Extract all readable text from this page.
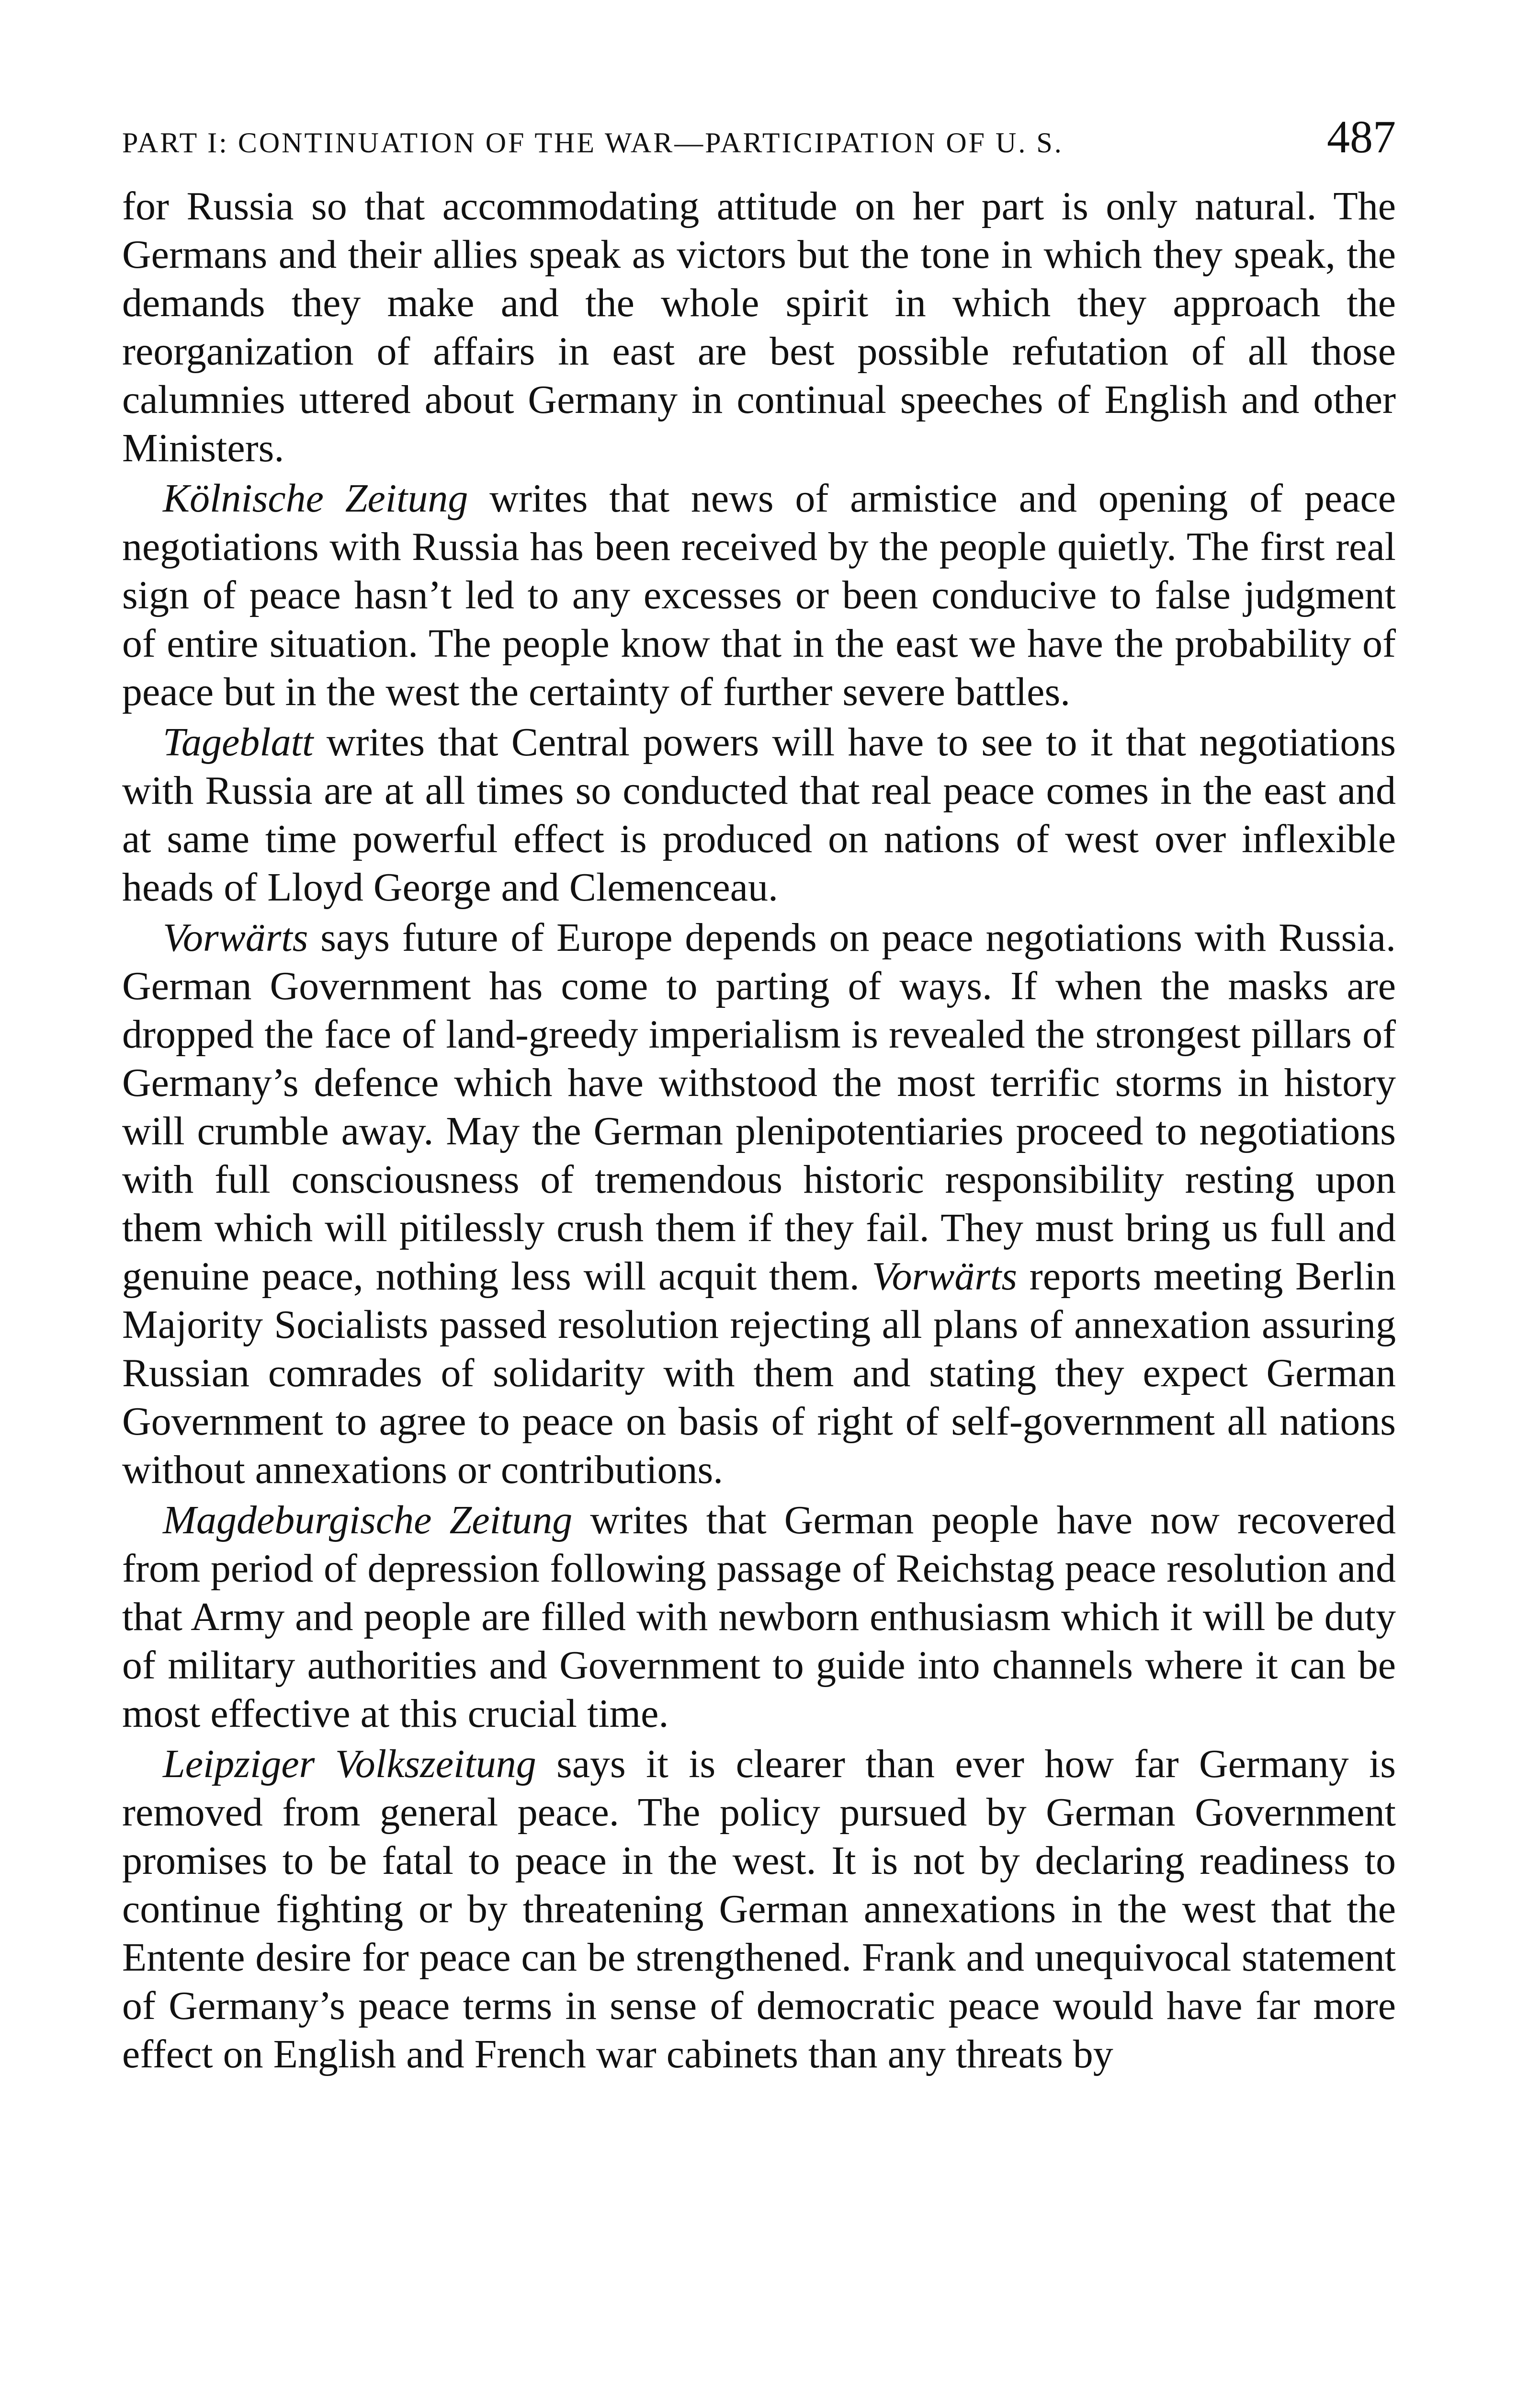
PART I: CONTINUATION OF THE WAR—PARTICIPATION OF U. S.	487

for Russia so that accommodating attitude on her part is only natural. The Germans and their allies speak as victors but the tone in which they speak, the demands they make and the whole spirit in which they approach the reorganization of affairs in east are best possible refutation of all those calumnies uttered about Germany in continual speeches of English and other Ministers.

Kölnische Zeitung writes that news of armistice and opening of peace negotiations with Russia has been received by the people quietly. The first real sign of peace hasn’t led to any excesses or been conducive to false judgment of entire situation. The people know that in the east we have the probability of peace but in the west the certainty of further severe battles.

Tageblatt writes that Central powers will have to see to it that negotiations with Russia are at all times so conducted that real peace comes in the east and at same time powerful effect is produced on nations of west over inflexible heads of Lloyd George and Clemenceau.

Vorwärts says future of Europe depends on peace negotiations with Russia. German Government has come to parting of ways. If when the masks are dropped the face of land-greedy imperialism is revealed the strongest pillars of Germany’s defence which have withstood the most terrific storms in history will crumble away. May the German plenipotentiaries proceed to negotiations with full consciousness of tremendous historic responsibility resting upon them which will pitilessly crush them if they fail. They must bring us full and genuine peace, nothing less will acquit them. Vorwärts reports meeting Berlin Majority Socialists passed resolution rejecting all plans of annexation assuring Russian comrades of solidarity with them and stating they expect German Government to agree to peace on basis of right of self-government all nations without annexations or contributions.

Magdeburgische Zeitung writes that German people have now recovered from period of depression following passage of Reichstag peace resolution and that Army and people are filled with newborn enthusiasm which it will be duty of military authorities and Government to guide into channels where it can be most effective at this crucial time.

Leipziger Volkszeitung says it is clearer than ever how far Germany is removed from general peace. The policy pursued by German Government promises to be fatal to peace in the west. It is not by declaring readiness to continue fighting or by threatening German annexations in the west that the Entente desire for peace can be strengthened. Frank and unequivocal statement of Germany’s peace terms in sense of democratic peace would have far more effect on English and French war cabinets than any threats by
